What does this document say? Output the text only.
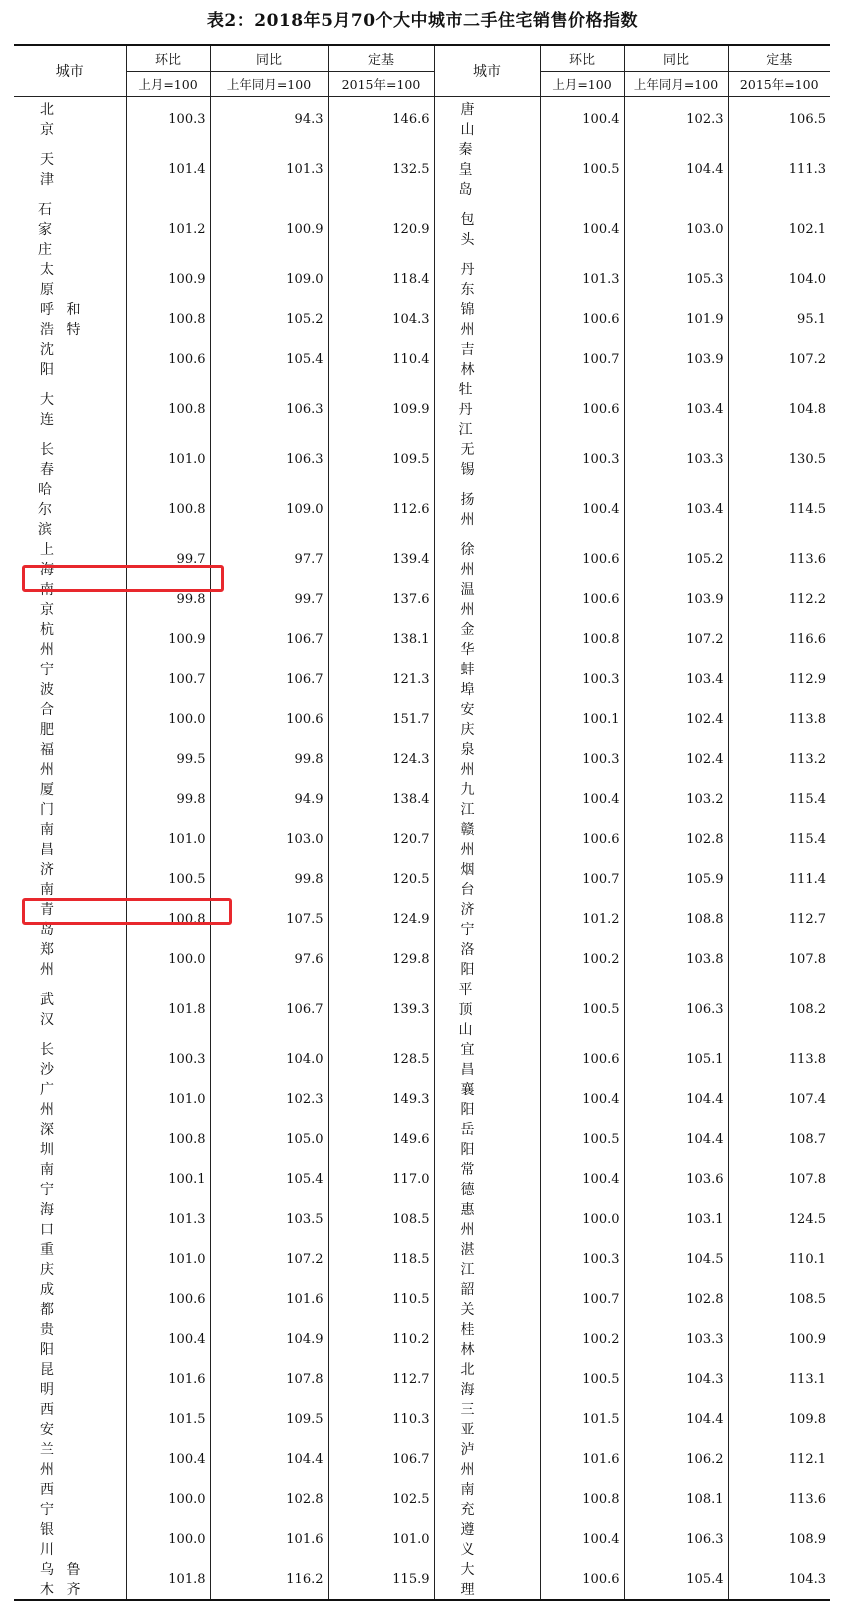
表2：2018年5月70个大中城市二手住宅销售价格指数
城市	环比	同比	定基	城市	环比	同比	定基
	上月=100	上年同月=100	2015年=100		上月=100	上年同月=100	2015年=100
北京	100.3	94.3	146.6	唐山	100.4	102.3	106.5
天津	101.4	101.3	132.5	秦皇岛	100.5	104.4	111.3
石家庄	101.2	100.9	120.9	包头	100.4	103.0	102.1
太原	100.9	109.0	118.4	丹东	101.3	105.3	104.0
呼和浩特	100.8	105.2	104.3	锦州	100.6	101.9	95.1
沈阳	100.6	105.4	110.4	吉林	100.7	103.9	107.2
大连	100.8	106.3	109.9	牡丹江	100.6	103.4	104.8
长春	101.0	106.3	109.5	无锡	100.3	103.3	130.5
哈尔滨	100.8	109.0	112.6	扬州	100.4	103.4	114.5
上海	99.7	97.7	139.4	徐州	100.6	105.2	113.6
南京	99.8	99.7	137.6	温州	100.6	103.9	112.2
杭州	100.9	106.7	138.1	金华	100.8	107.2	116.6
宁波	100.7	106.7	121.3	蚌埠	100.3	103.4	112.9
合肥	100.0	100.6	151.7	安庆	100.1	102.4	113.8
福州	99.5	99.8	124.3	泉州	100.3	102.4	113.2
厦门	99.8	94.9	138.4	九江	100.4	103.2	115.4
南昌	101.0	103.0	120.7	赣州	100.6	102.8	115.4
济南	100.5	99.8	120.5	烟台	100.7	105.9	111.4
青岛	100.8	107.5	124.9	济宁	101.2	108.8	112.7
郑州	100.0	97.6	129.8	洛阳	100.2	103.8	107.8
武汉	101.8	106.7	139.3	平顶山	100.5	106.3	108.2
长沙	100.3	104.0	128.5	宜昌	100.6	105.1	113.8
广州	101.0	102.3	149.3	襄阳	100.4	104.4	107.4
深圳	100.8	105.0	149.6	岳阳	100.5	104.4	108.7
南宁	100.1	105.4	117.0	常德	100.4	103.6	107.8
海口	101.3	103.5	108.5	惠州	100.0	103.1	124.5
重庆	101.0	107.2	118.5	湛江	100.3	104.5	110.1
成都	100.6	101.6	110.5	韶关	100.7	102.8	108.5
贵阳	100.4	104.9	110.2	桂林	100.2	103.3	100.9
昆明	101.6	107.8	112.7	北海	100.5	104.3	113.1
西安	101.5	109.5	110.3	三亚	101.5	104.4	109.8
兰州	100.4	104.4	106.7	泸州	101.6	106.2	112.1
西宁	100.0	102.8	102.5	南充	100.8	108.1	113.6
银川	100.0	101.6	101.0	遵义	100.4	106.3	108.9
乌鲁木齐	101.8	116.2	115.9	大理	100.6	105.4	104.3
